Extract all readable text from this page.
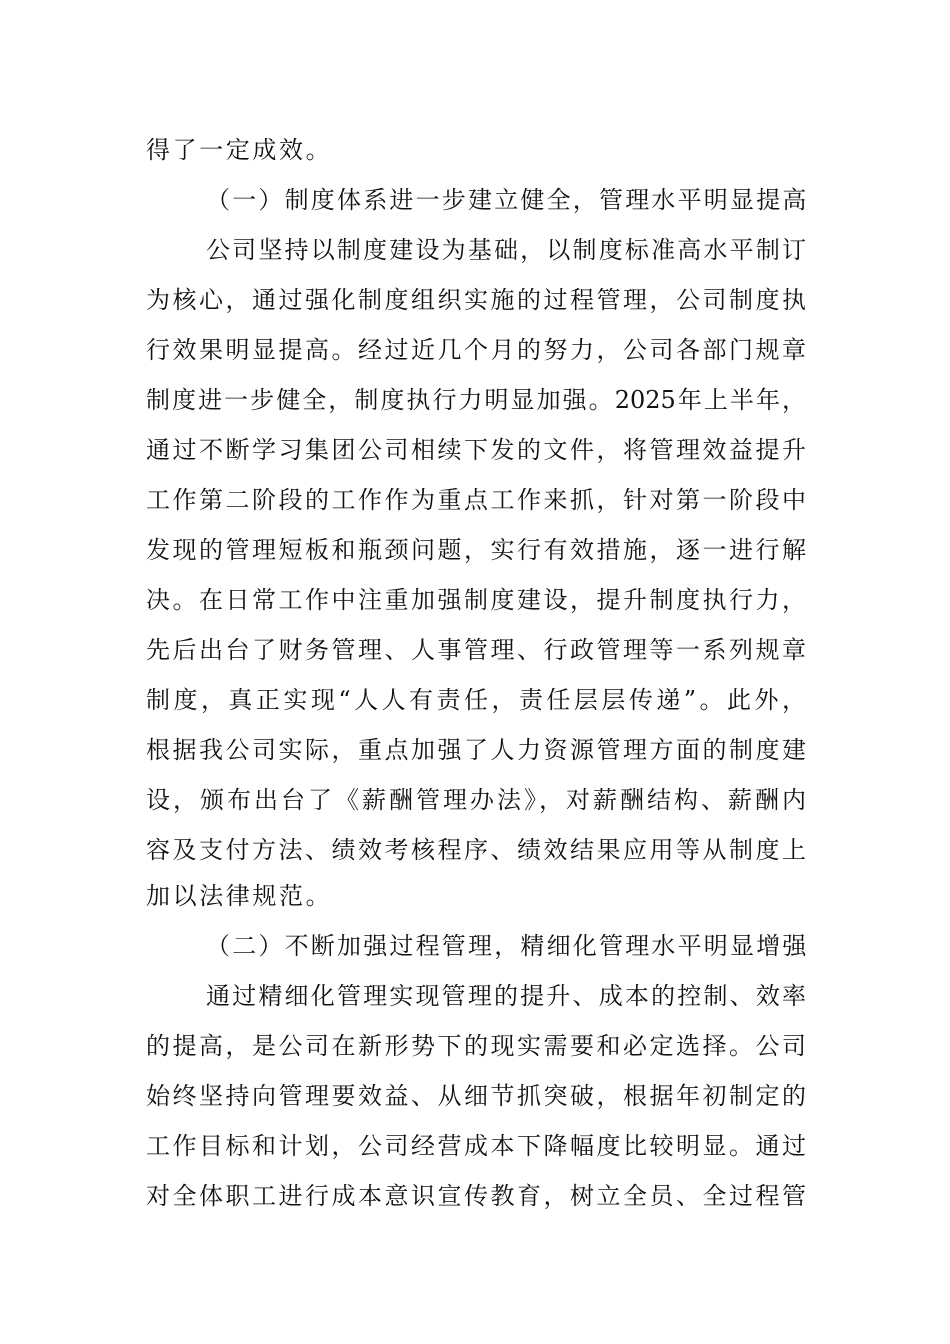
得了一定成效。
（一）制度体系进一步建立健全，管理水平明显提高
公司坚持以制度建设为基础，以制度标准高水平制订
为核心，通过强化制度组织实施的过程管理，公司制度执
行效果明显提高。经过近几个月的努力，公司各部门规章
制度进一步健全，制度执行力明显加强。2025年上半年，
通过不断学习集团公司相续下发的文件，将管理效益提升
工作第二阶段的工作作为重点工作来抓，针对第一阶段中
发现的管理短板和瓶颈问题，实行有效措施，逐一进行解
决。在日常工作中注重加强制度建设，提升制度执行力，
先后出台了财务管理、人事管理、行政管理等一系列规章
制度，真正实现“人人有责任，责任层层传递”。此外，
根据我公司实际，重点加强了人力资源管理方面的制度建
设，颁布出台了《薪酬管理办法》，对薪酬结构、薪酬内
容及支付方法、绩效考核程序、绩效结果应用等从制度上
加以法律规范。
（二）不断加强过程管理，精细化管理水平明显增强
通过精细化管理实现管理的提升、成本的控制、效率
的提高，是公司在新形势下的现实需要和必定选择。公司
始终坚持向管理要效益、从细节抓突破，根据年初制定的
工作目标和计划，公司经营成本下降幅度比较明显。通过
对全体职工进行成本意识宣传教育，树立全员、全过程管
